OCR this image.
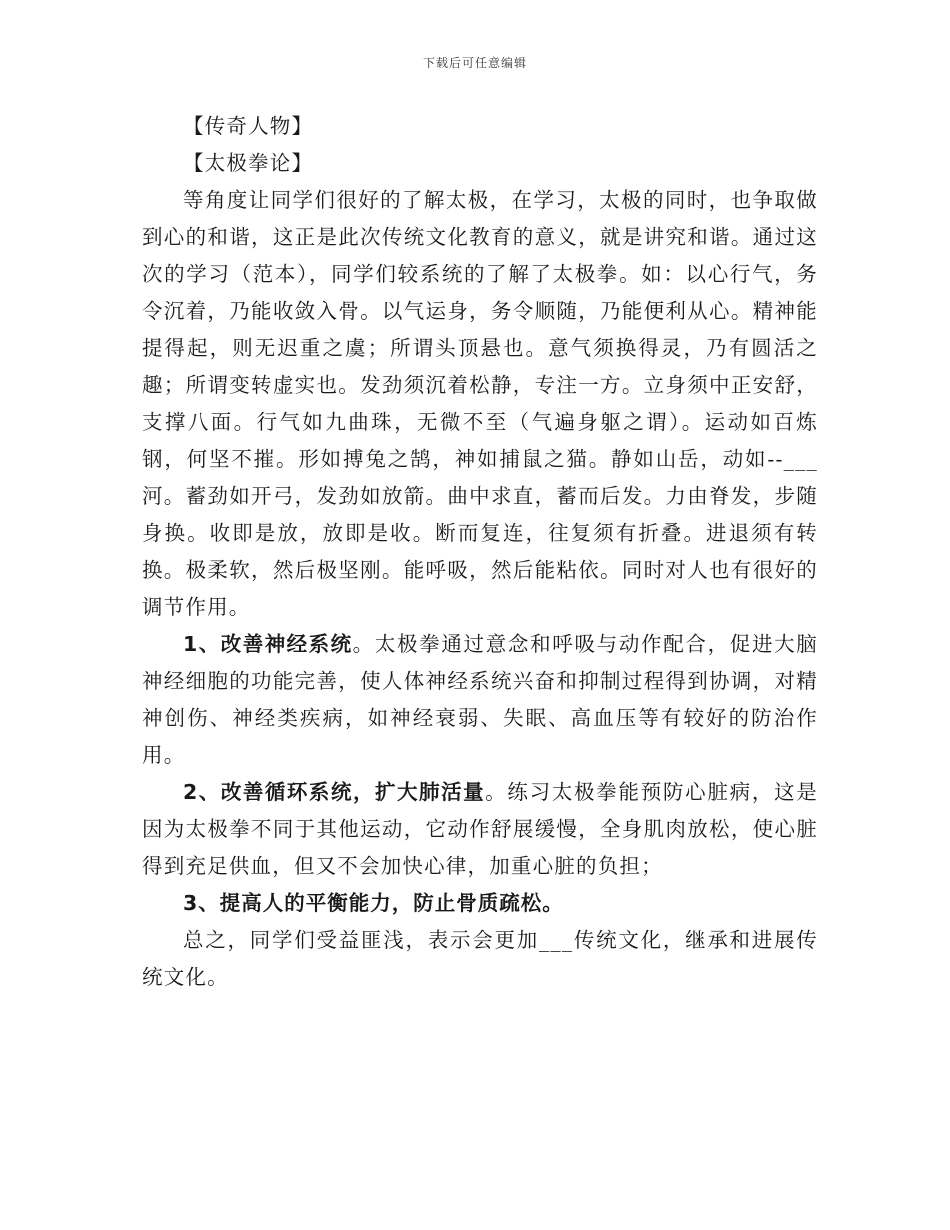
下载后可任意编辑

【传奇人物】

【太极拳论】

等角度让同学们很好的了解太极，在学习，太极的同时，也争取做到心的和谐，这正是此次传统文化教育的意义，就是讲究和谐。通过这次的学习（范本），同学们较系统的了解了太极拳。如：以心行气，务令沉着，乃能收敛入骨。以气运身，务令顺随，乃能便利从心。精神能提得起，则无迟重之虞；所谓头顶悬也。意气须换得灵，乃有圆活之趣；所谓变转虚实也。发劲须沉着松静，专注一方。立身须中正安舒，支撑八面。行气如九曲珠，无微不至（气遍身躯之谓）。运动如百炼钢，何坚不摧。形如搏兔之鹄，神如捕鼠之猫。静如山岳，动如--___河。蓄劲如开弓，发劲如放箭。曲中求直，蓄而后发。力由脊发，步随身换。收即是放，放即是收。断而复连，往复须有折叠。进退须有转换。极柔软，然后极坚刚。能呼吸，然后能粘依。同时对人也有很好的调节作用。

1、改善神经系统。太极拳通过意念和呼吸与动作配合，促进大脑神经细胞的功能完善，使人体神经系统兴奋和抑制过程得到协调，对精神创伤、神经类疾病，如神经衰弱、失眠、高血压等有较好的防治作用。

2、改善循环系统，扩大肺活量。练习太极拳能预防心脏病，这是因为太极拳不同于其他运动，它动作舒展缓慢，全身肌肉放松，使心脏得到充足供血，但又不会加快心律，加重心脏的负担；

3、提高人的平衡能力，防止骨质疏松。

总之，同学们受益匪浅，表示会更加___传统文化，继承和进展传统文化。
